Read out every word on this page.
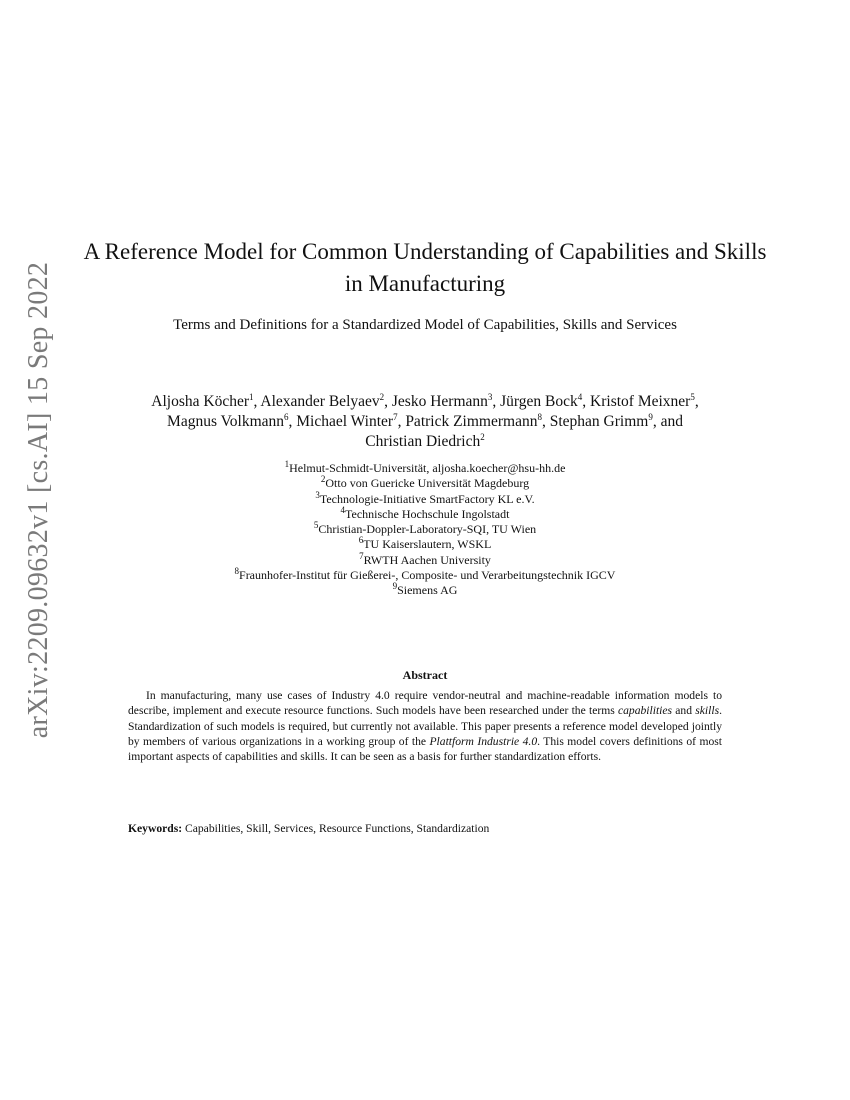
arXiv:2209.09632v1 [cs.AI] 15 Sep 2022
A Reference Model for Common Understanding of Capabilities and Skills in Manufacturing

Terms and Definitions for a Standardized Model of Capabilities, Skills and Services

Aljosha Köcher$^1$, Alexander Belyaev$^2$, Jesko Hermann$^3$, Jürgen Bock$^4$, Kristof Meixner$^5$,
Magnus Volkmann$^6$, Michael Winter$^7$, Patrick Zimmermann$^8$, Stephan Grimm$^9$, and
Christian Diedrich$^2$

$^1$Helmut-Schmidt-Universität, aljosha.koecher@hsu-hh.de
$^2$Otto von Guericke Universität Magdeburg
$^3$Technologie-Initiative SmartFactory KL e.V.
$^4$Technische Hochschule Ingolstadt
$^5$Christian-Doppler-Laboratory-SQI, TU Wien
$^6$TU Kaiserslautern, WSKL
$^7$RWTH Aachen University
$^8$Fraunhofer-Institut für Gießerei-, Composite- und Verarbeitungstechnik IGCV
$^9$Siemens AG
Abstract

In manufacturing, many use cases of Industry 4.0 require vendor-neutral and machine-readable information models to describe, implement and execute resource functions. Such models have been researched under the terms capabilities and skills. Standardization of such models is required, but currently not available. This paper presents a reference model developed jointly by members of various organizations in a working group of the Plattform Industrie 4.0. This model covers definitions of most important aspects of capabilities and skills. It can be seen as a basis for further standardization efforts.

Keywords: Capabilities, Skill, Services, Resource Functions, Standardization
